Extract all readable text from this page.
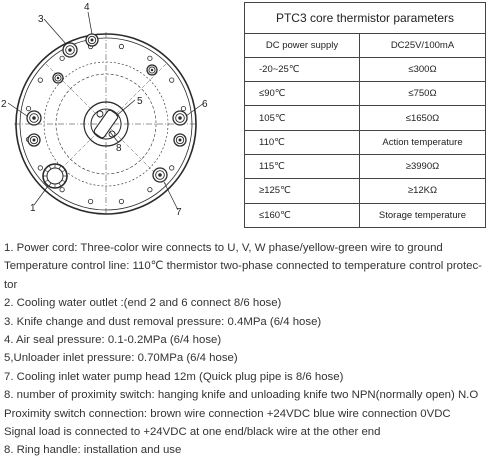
1
2
3
4
5	6
7
8
PTC3 core thermistor parameters	
DC power supply	DC25V/100mA
-20~25℃	≤300Ω
≤90℃	≤750Ω
105℃	≤1650Ω
110℃	Action temperature
115℃	≥3990Ω
≥125℃	≥12KΩ
≤160℃	Storage temperature
1. Power cord: Three-color wire connects to U, V, W phase/yellow-green wire to ground
Temperature control line: 110℃ thermistor two-phase connected to temperature control protec-
tor
2. Cooling water outlet :(end 2 and 6 connect 8/6 hose)
3. Knife change and dust removal pressure: 0.4MPa (6/4 hose)
4. Air seal pressure: 0.1-0.2MPa (6/4 hose)
5,Unloader inlet pressure: 0.70MPa (6/4 hose)
7. Cooling inlet water pump head 12m (Quick plug pipe is 8/6 hose)
8. number of proximity switch: hanging knife and unloading knife two NPN(normally open) N.O
Proximity switch connection: brown wire connection +24VDC blue wire connection 0VDC
Signal load is connected to +24VDC at one end/black wire at the other end
8. Ring handle: installation and use
